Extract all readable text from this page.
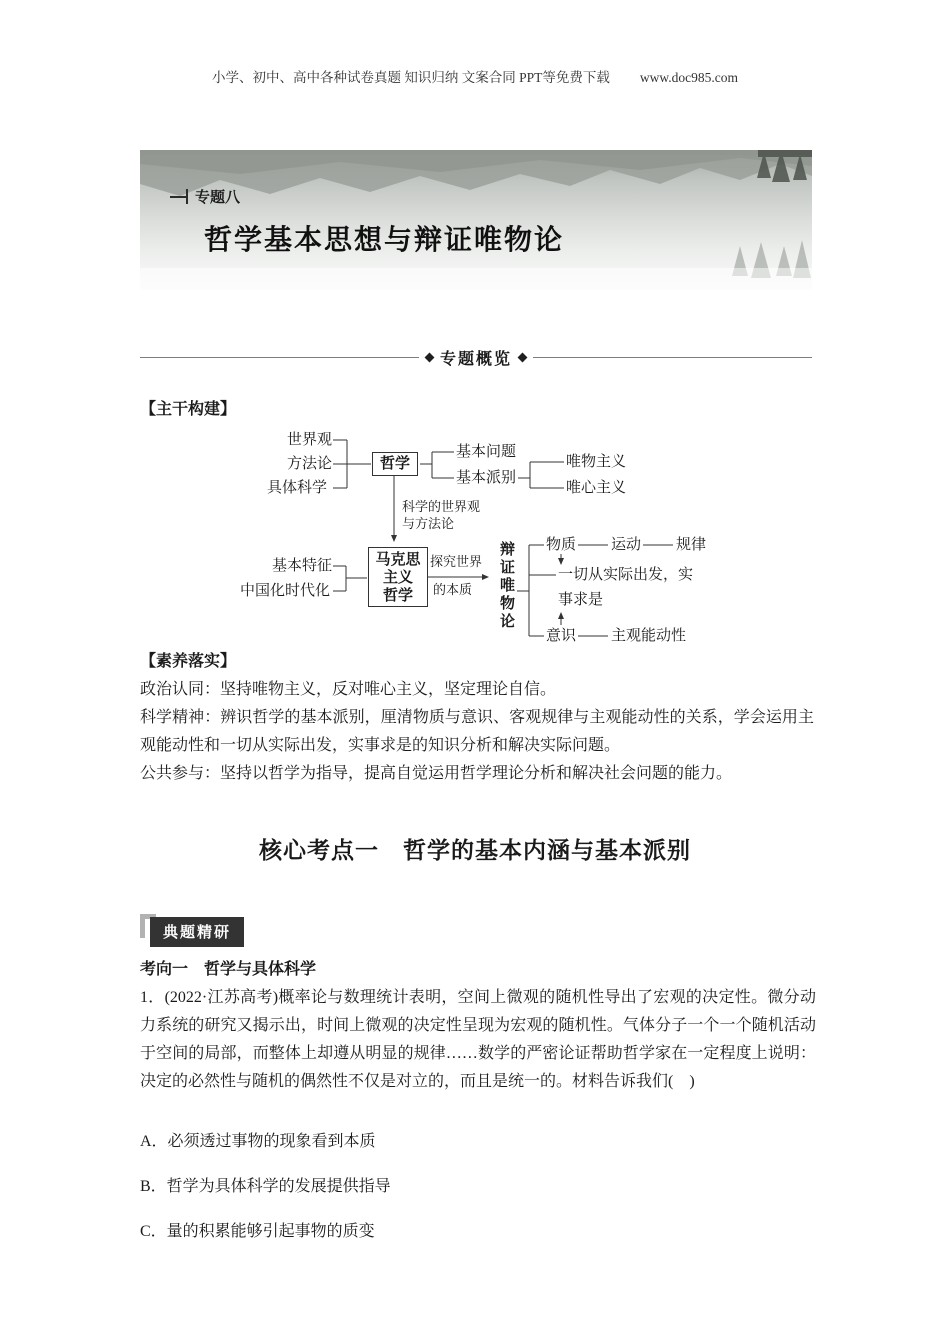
小学、初中、高中各种试卷真题 知识归纳 文案合同 PPT等免费下载 www.doc985.com
专题八
哲学基本思想与辩证唯物论
专题概览
【主干构建】
世界观
方法论
具体科学
哲学
基本问题
基本派别
唯物主义
唯心主义
科学的世界观
与方法论
基本特征
中国化时代化
马克思
主义
哲学
探究世界
的本质 辩证唯物论 物质 运动 规律
一切从实际出发，实
事求是
意识 主观能动性
【素养落实】

政治认同：坚持唯物主义，反对唯心主义，坚定理论自信。

科学精神：辨识哲学的基本派别，厘清物质与意识、客观规律与主观能动性的关系，学会运用主观能动性和一切从实际出发，实事求是的知识分析和解决实际问题。

公共参与：坚持以哲学为指导，提高自觉运用哲学理论分析和解决社会问题的能力。

核心考点一　哲学的基本内涵与基本派别
典题精研
考向一　哲学与具体科学
1．(2022·江苏高考)概率论与数理统计表明，空间上微观的随机性导出了宏观的决定性。微分动力系统的研究又揭示出，时间上微观的决定性呈现为宏观的随机性。气体分子一个一个随机活动于空间的局部，而整体上却遵从明显的规律……数学的严密论证帮助哲学家在一定程度上说明：决定的必然性与随机的偶然性不仅是对立的，而且是统一的。材料告诉我们(　)
A．必须透过事物的现象看到本质
B．哲学为具体科学的发展提供指导
C．量的积累能够引起事物的质变
